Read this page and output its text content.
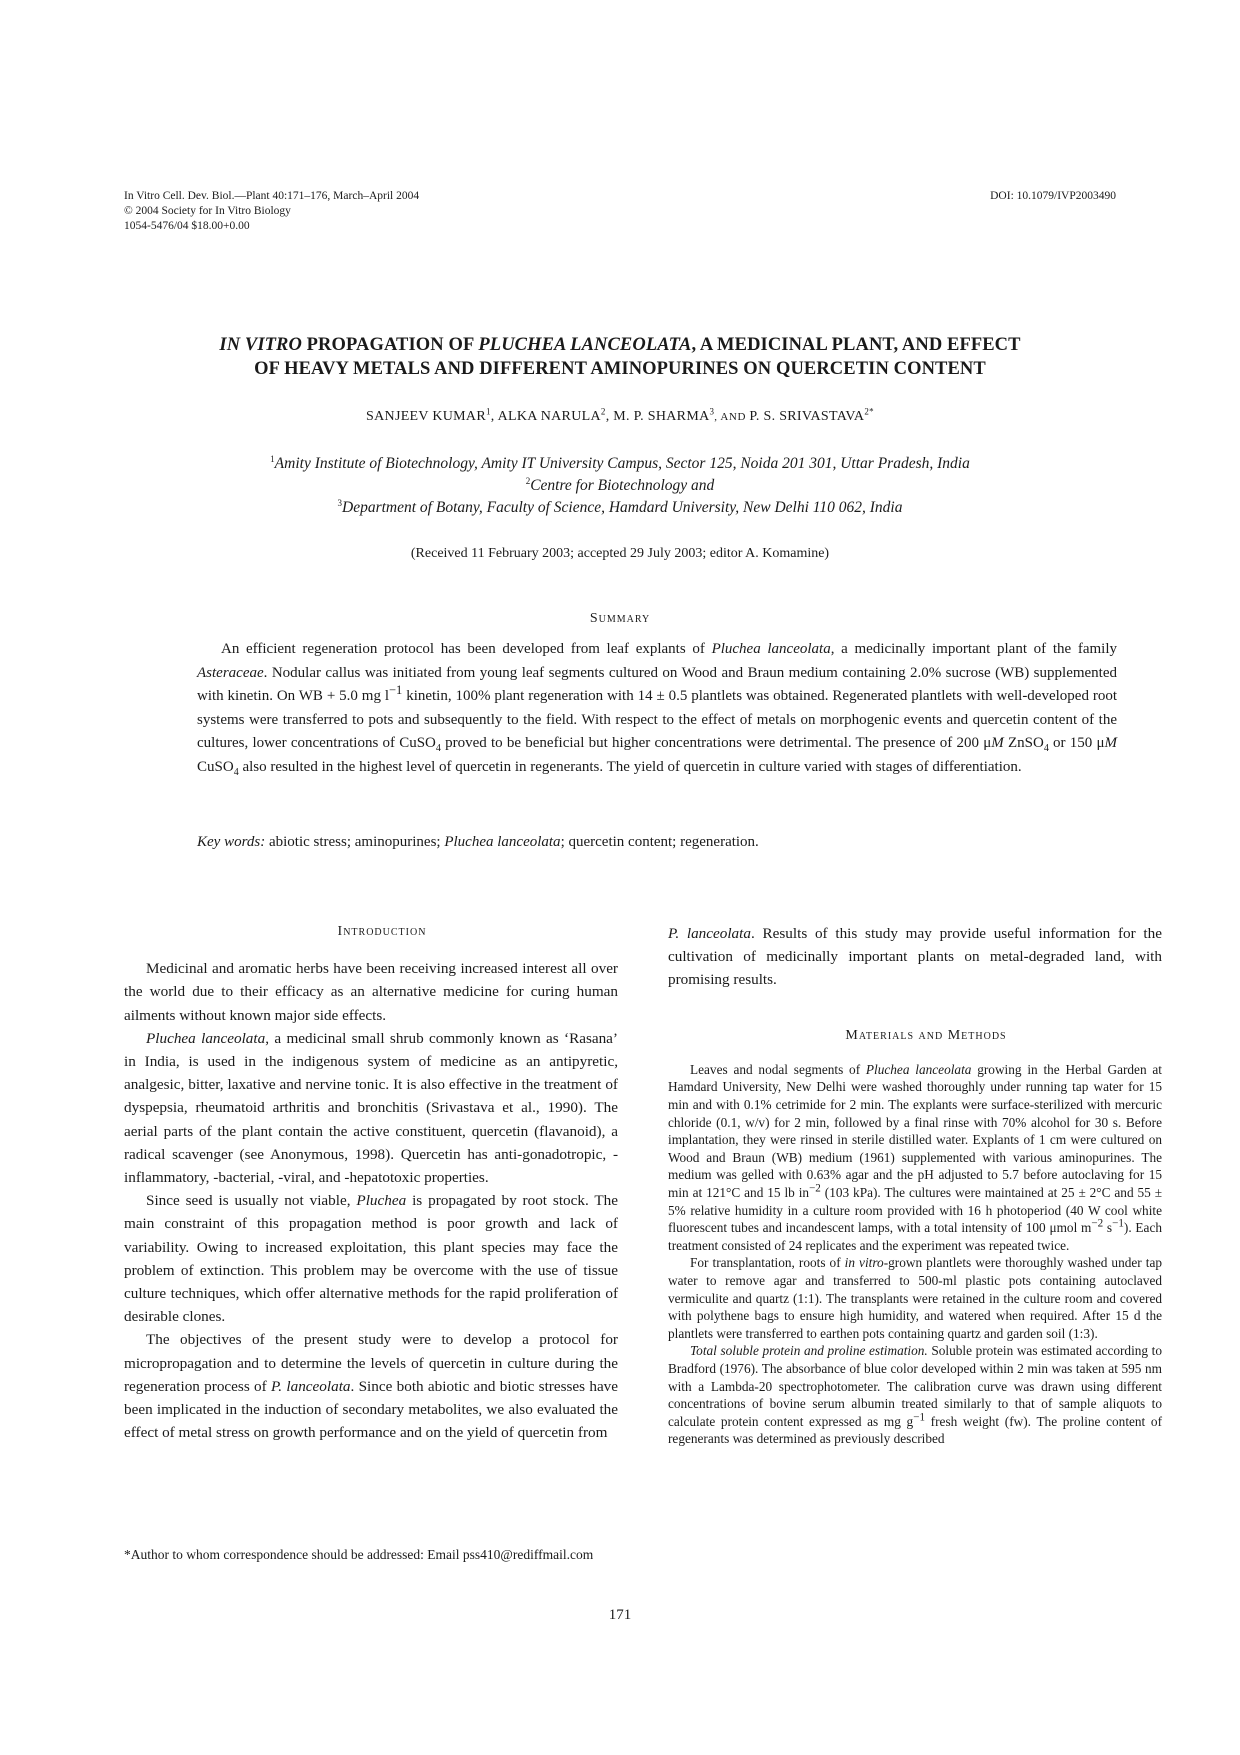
In Vitro Cell. Dev. Biol.—Plant 40:171–176, March–April 2004
© 2004 Society for In Vitro Biology
1054-5476/04 $18.00+0.00
DOI: 10.1079/IVP2003490
IN VITRO PROPAGATION OF PLUCHEA LANCEOLATA, A MEDICINAL PLANT, AND EFFECT
OF HEAVY METALS AND DIFFERENT AMINOPURINES ON QUERCETIN CONTENT
SANJEEV KUMAR$^1$, ALKA NARULA$^2$, M. P. SHARMA$^3$, AND P. S. $SRIVASTAVA^{2*}$
$^1$Amity Institute of Biotechnology, Amity IT University Campus, Sector 125, Noida 201 301, Uttar Pradesh, India
$^2$Centre for Biotechnology and
$^3$Department of Botany, Faculty of Science, Hamdard University, New Delhi 110 062, India
(Received 11 February 2003; accepted 29 July 2003; editor A. Komamine)
Summary

An efficient regeneration protocol has been developed from leaf explants of Pluchea lanceolata, a medicinally important plant of the family Asteraceae. Nodular callus was initiated from young leaf segments cultured on Wood and Braun medium containing 2.0% sucrose (WB) supplemented with kinetin. On WB + 5.0 mg $l^{-1}$ kinetin, 100% plant regeneration with 14 ± 0.5 plantlets was obtained. Regenerated plantlets with well-developed root systems were transferred to pots and subsequently to the field. With respect to the effect of metals on morphogenic events and quercetin content of the cultures, lower concentrations of CuSO$_4$ proved to be beneficial but higher concentrations were detrimental. The presence of 200 μM ZnSO$_4$ or 150 μM CuSO$_4$ also resulted in the highest level of quercetin in regenerants. The yield of quercetin in culture varied with stages of differentiation.

Key words: abiotic stress; aminopurines; Pluchea lanceolata; quercetin content; regeneration.

Introduction

Medicinal and aromatic herbs have been receiving increased interest all over the world due to their efficacy as an alternative medicine for curing human ailments without known major side effects.

Pluchea lanceolata, a medicinal small shrub commonly known as ‘Rasana’ in India, is used in the indigenous system of medicine as an antipyretic, analgesic, bitter, laxative and nervine tonic. It is also effective in the treatment of dyspepsia, rheumatoid arthritis and bronchitis (Srivastava et al., 1990). The aerial parts of the plant contain the active constituent, quercetin (flavanoid), a radical scavenger (see Anonymous, 1998). Quercetin has anti-gonadotropic, -inflammatory, -bacterial, -viral, and -hepatotoxic properties.

Since seed is usually not viable, Pluchea is propagated by root stock. The main constraint of this propagation method is poor growth and lack of variability. Owing to increased exploitation, this plant species may face the problem of extinction. This problem may be overcome with the use of tissue culture techniques, which offer alternative methods for the rapid proliferation of desirable clones.

The objectives of the present study were to develop a protocol for micropropagation and to determine the levels of quercetin in culture during the regeneration process of P. lanceolata. Since both abiotic and biotic stresses have been implicated in the induction of secondary metabolites, we also evaluated the effect of metal stress on growth performance and on the yield of quercetin from

*Author to whom correspondence should be addressed: Email pss410@rediffmail.com

P. lanceolata. Results of this study may provide useful information for the cultivation of medicinally important plants on metal-degraded land, with promising results.

Materials and Methods

Leaves and nodal segments of Pluchea lanceolata growing in the Herbal Garden at Hamdard University, New Delhi were washed thoroughly under running tap water for 15 min and with 0.1% cetrimide for 2 min. The explants were surface-sterilized with mercuric chloride (0.1, w/v) for 2 min, followed by a final rinse with 70% alcohol for 30 s. Before implantation, they were rinsed in sterile distilled water. Explants of 1 cm were cultured on Wood and Braun (WB) medium (1961) supplemented with various aminopurines. The medium was gelled with 0.63% agar and the pH adjusted to 5.7 before autoclaving for 15 min at 121°C and 15 lb $in^{-2}$ (103 kPa). The cultures were maintained at 25 ± 2°C and 55 ± 5% relative humidity in a culture room provided with 16 h photoperiod (40 W cool white fluorescent tubes and incandescent lamps, with a total intensity of 100 μmol $m^{-2}$ $s^{-1}$). Each treatment consisted of 24 replicates and the experiment was repeated twice.

For transplantation, roots of in vitro-grown plantlets were thoroughly washed under tap water to remove agar and transferred to 500-ml plastic pots containing autoclaved vermiculite and quartz (1:1). The transplants were retained in the culture room and covered with polythene bags to ensure high humidity, and watered when required. After 15 d the plantlets were transferred to earthen pots containing quartz and garden soil (1:3).

Total soluble protein and proline estimation. Soluble protein was estimated according to Bradford (1976). The absorbance of blue color developed within 2 min was taken at 595 nm with a Lambda-20 spectrophotometer. The calibration curve was drawn using different concentrations of bovine serum albumin treated similarly to that of sample aliquots to calculate protein content expressed as mg $g^{-1}$ fresh weight (fw). The proline content of regenerants was determined as previously described

171
